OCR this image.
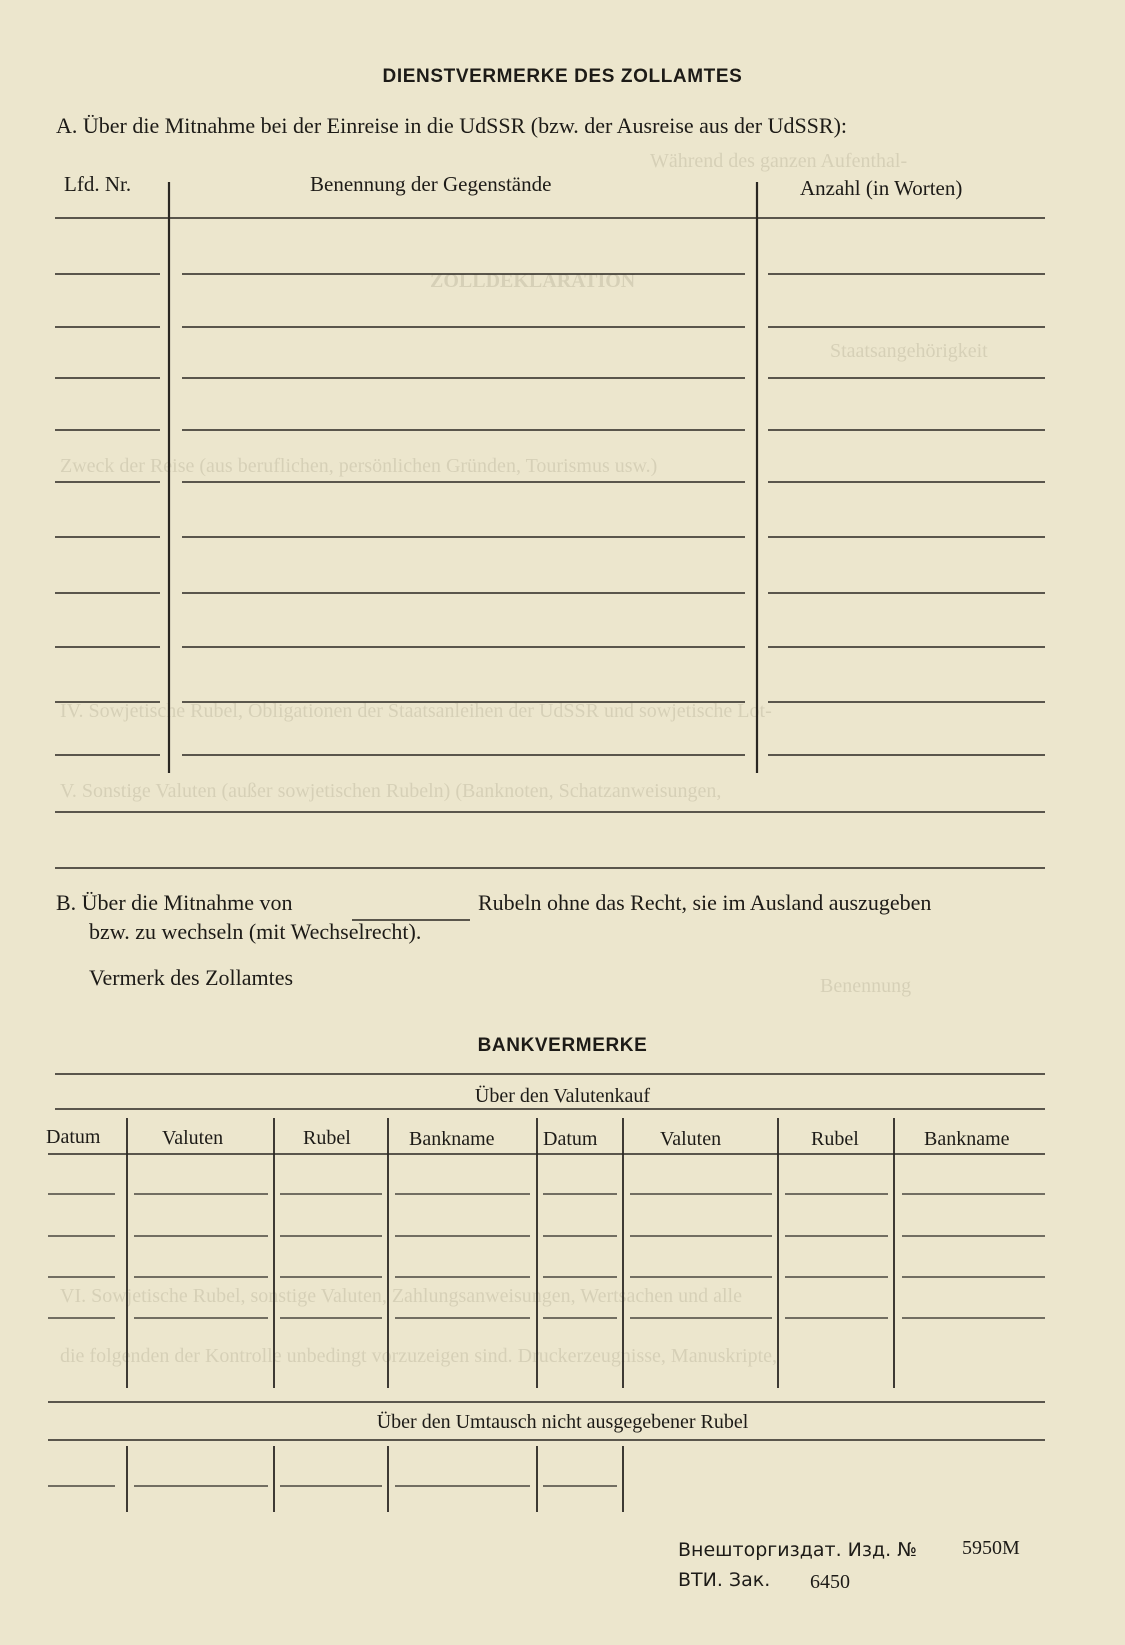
Während des ganzen Aufenthal-
ZOLLDEKLARATION
Staatsangehörigkeit
Zweck der Reise (aus beruflichen, persönlichen Gründen, Tourismus usw.)
IV. Sowjetische Rubel, Obligationen der Staatsanleihen der UdSSR und sowjetische Lot-
V. Sonstige Valuten (außer sowjetischen Rubeln) (Banknoten, Schatzanweisungen,
Benennung
VI. Sowjetische Rubel, sonstige Valuten, Zahlungsanweisungen, Wertsachen und alle
die folgenden der Kontrolle unbedingt vorzuzeigen sind. Druckerzeugnisse, Manuskripte,
DIENSTVERMERKE DES ZOLLAMTES
A. Über die Mitnahme bei der Einreise in die UdSSR (bzw. der Ausreise aus der UdSSR):
Lfd. Nr.	Benennung der Gegenstände	Anzahl (in Worten)
B. Über die Mitnahme von	Rubeln ohne das Recht, sie im Ausland auszugeben
bzw. zu wechseln (mit Wechselrecht).
Vermerk des Zollamtes
BANKVERMERKE
Über den Valutenkauf
Datum	Valuten	Rubel	Bankname Datum	Valuten	Rubel	Bankname
Über den Umtausch nicht ausgegebener Rubel
Внешторгиздат. Изд. № 5950M
ВТИ. Зак. 6450
